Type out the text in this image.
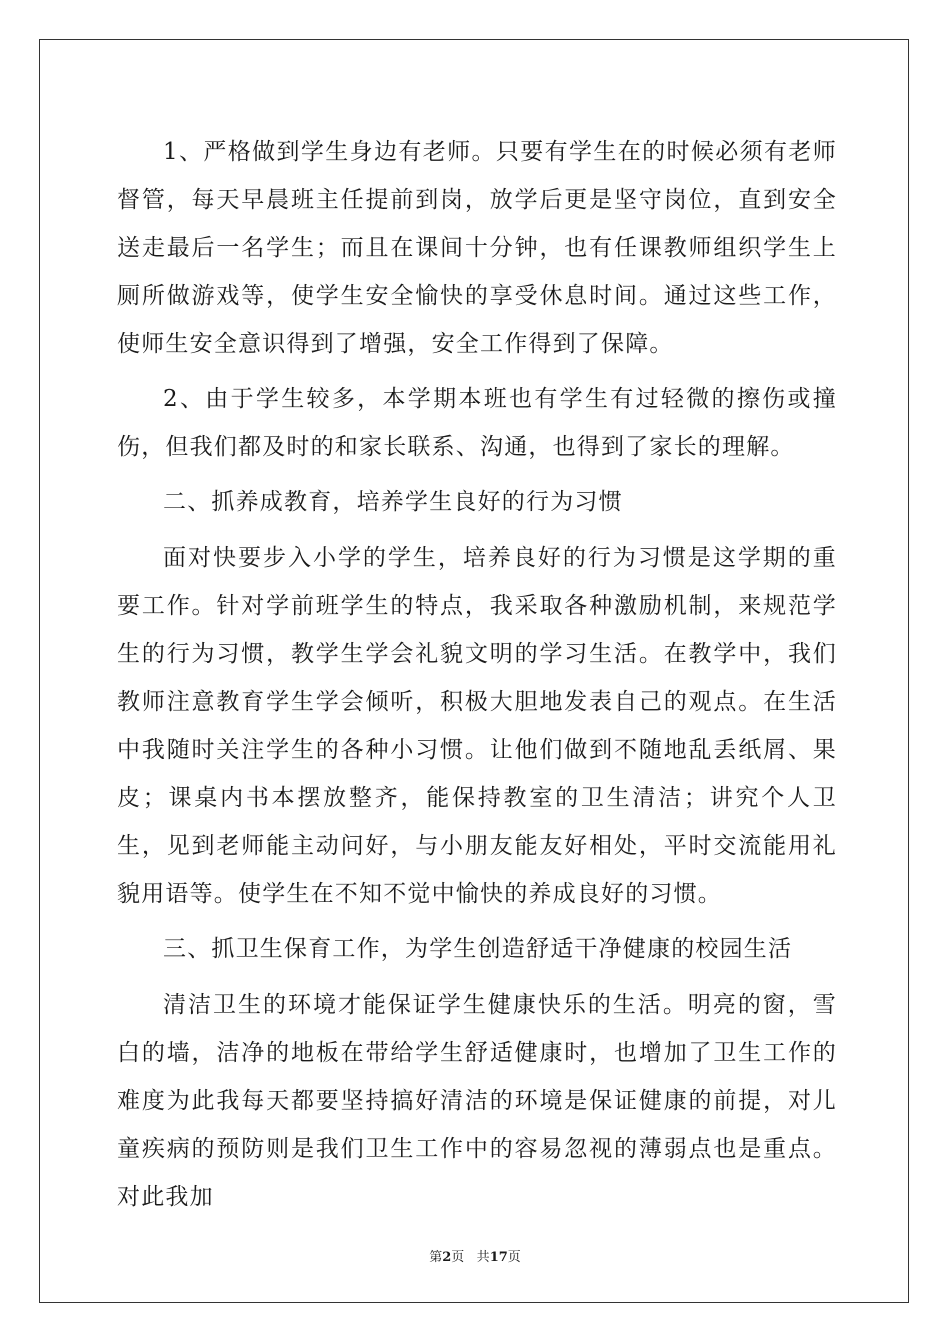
1、严格做到学生身边有老师。只要有学生在的时候必须有老师督管，每天早晨班主任提前到岗，放学后更是坚守岗位，直到安全送走最后一名学生；而且在课间十分钟，也有任课教师组织学生上厕所做游戏等，使学生安全愉快的享受休息时间。通过这些工作，使师生安全意识得到了增强，安全工作得到了保障。

2、由于学生较多，本学期本班也有学生有过轻微的擦伤或撞伤，但我们都及时的和家长联系、沟通，也得到了家长的理解。

二、抓养成教育，培养学生良好的行为习惯

面对快要步入小学的学生，培养良好的行为习惯是这学期的重要工作。针对学前班学生的特点，我采取各种激励机制，来规范学生的行为习惯，教学生学会礼貌文明的学习生活。在教学中，我们教师注意教育学生学会倾听，积极大胆地发表自己的观点。在生活中我随时关注学生的各种小习惯。让他们做到不随地乱丢纸屑、果皮；课桌内书本摆放整齐，能保持教室的卫生清洁；讲究个人卫生，见到老师能主动问好，与小朋友能友好相处，平时交流能用礼貌用语等。使学生在不知不觉中愉快的养成良好的习惯。

三、抓卫生保育工作，为学生创造舒适干净健康的校园生活

清洁卫生的环境才能保证学生健康快乐的生活。明亮的窗，雪白的墙，洁净的地板在带给学生舒适健康时，也增加了卫生工作的难度为此我每天都要坚持搞好清洁的环境是保证健康的前提，对儿童疾病的预防则是我们卫生工作中的容易忽视的薄弱点也是重点。对此我加

第2页 共17页
